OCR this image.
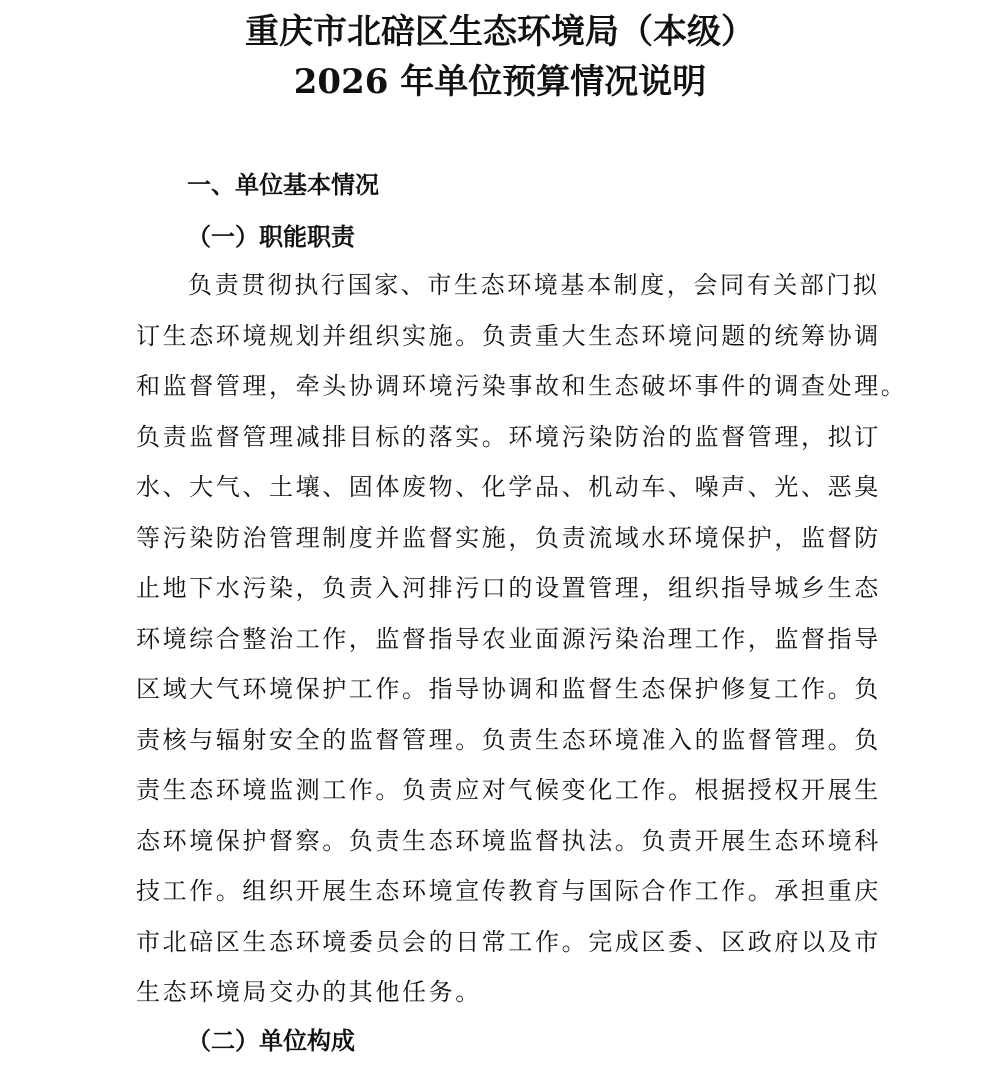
重庆市北碚区生态环境局（本级）
2026 年单位预算情况说明
一、单位基本情况
（一）职能职责
负责贯彻执行国家、市生态环境基本制度，会同有关部门拟
订生态环境规划并组织实施。负责重大生态环境问题的统筹协调
和监督管理，牵头协调环境污染事故和生态破坏事件的调查处理。
负责监督管理减排目标的落实。环境污染防治的监督管理，拟订
水、大气、土壤、固体废物、化学品、机动车、噪声、光、恶臭
等污染防治管理制度并监督实施，负责流域水环境保护，监督防
止地下水污染，负责入河排污口的设置管理，组织指导城乡生态
环境综合整治工作，监督指导农业面源污染治理工作，监督指导
区域大气环境保护工作。指导协调和监督生态保护修复工作。负
责核与辐射安全的监督管理。负责生态环境准入的监督管理。负
责生态环境监测工作。负责应对气候变化工作。根据授权开展生
态环境保护督察。负责生态环境监督执法。负责开展生态环境科
技工作。组织开展生态环境宣传教育与国际合作工作。承担重庆
市北碚区生态环境委员会的日常工作。完成区委、区政府以及市
生态环境局交办的其他任务。
（二）单位构成
